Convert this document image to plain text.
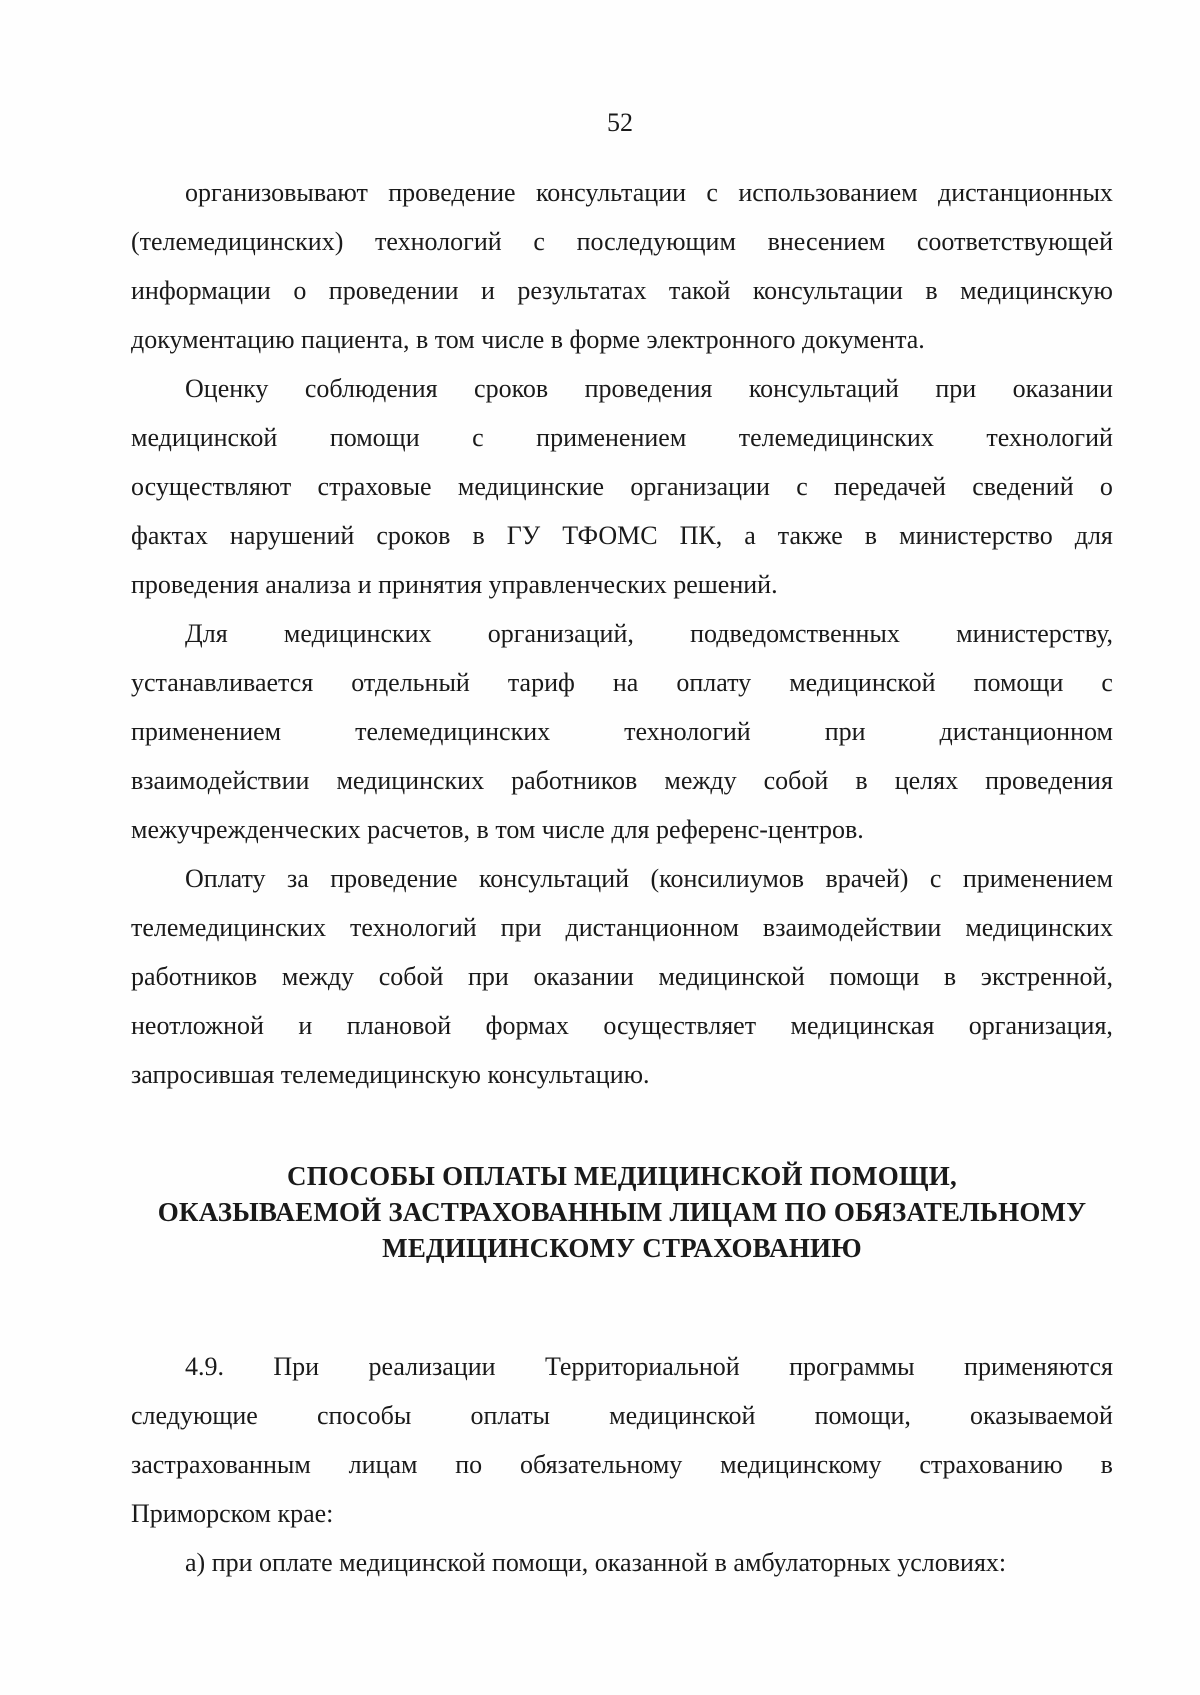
52
организовывают проведение консультации с использованием дистанционных
(телемедицинских) технологий с последующим внесением соответствующей
информации о проведении и результатах такой консультации в медицинскую
документацию пациента, в том числе в форме электронного документа.
Оценку соблюдения сроков проведения консультаций при оказании
медицинской помощи с применением телемедицинских технологий
осуществляют страховые медицинские организации с передачей сведений о
фактах нарушений сроков в ГУ ТФОМС ПК, а также в министерство для
проведения анализа и принятия управленческих решений.
Для медицинских организаций, подведомственных министерству,
устанавливается отдельный тариф на оплату медицинской помощи с
применением	телемедицинских	технологий	при	дистанционном
взаимодействии медицинских работников между собой в целях проведения
межучрежденческих расчетов, в том числе для референс-центров.
Оплату за проведение консультаций (консилиумов врачей) с применением
телемедицинских технологий при дистанционном взаимодействии медицинских
работников между собой при оказании медицинской помощи в экстренной,
неотложной и плановой формах осуществляет медицинская организация,
запросившая телемедицинскую консультацию.
СПОСОБЫ ОПЛАТЫ МЕДИЦИНСКОЙ ПОМОЩИ,
ОКАЗЫВАЕМОЙ ЗАСТРАХОВАННЫМ ЛИЦАМ ПО ОБЯЗАТЕЛЬНОМУ
МЕДИЦИНСКОМУ СТРАХОВАНИЮ
4.9. При реализации Территориальной программы применяются
следующие способы оплаты медицинской помощи, оказываемой
застрахованным лицам по обязательному медицинскому страхованию в
Приморском крае:
а) при оплате медицинской помощи, оказанной в амбулаторных условиях:
